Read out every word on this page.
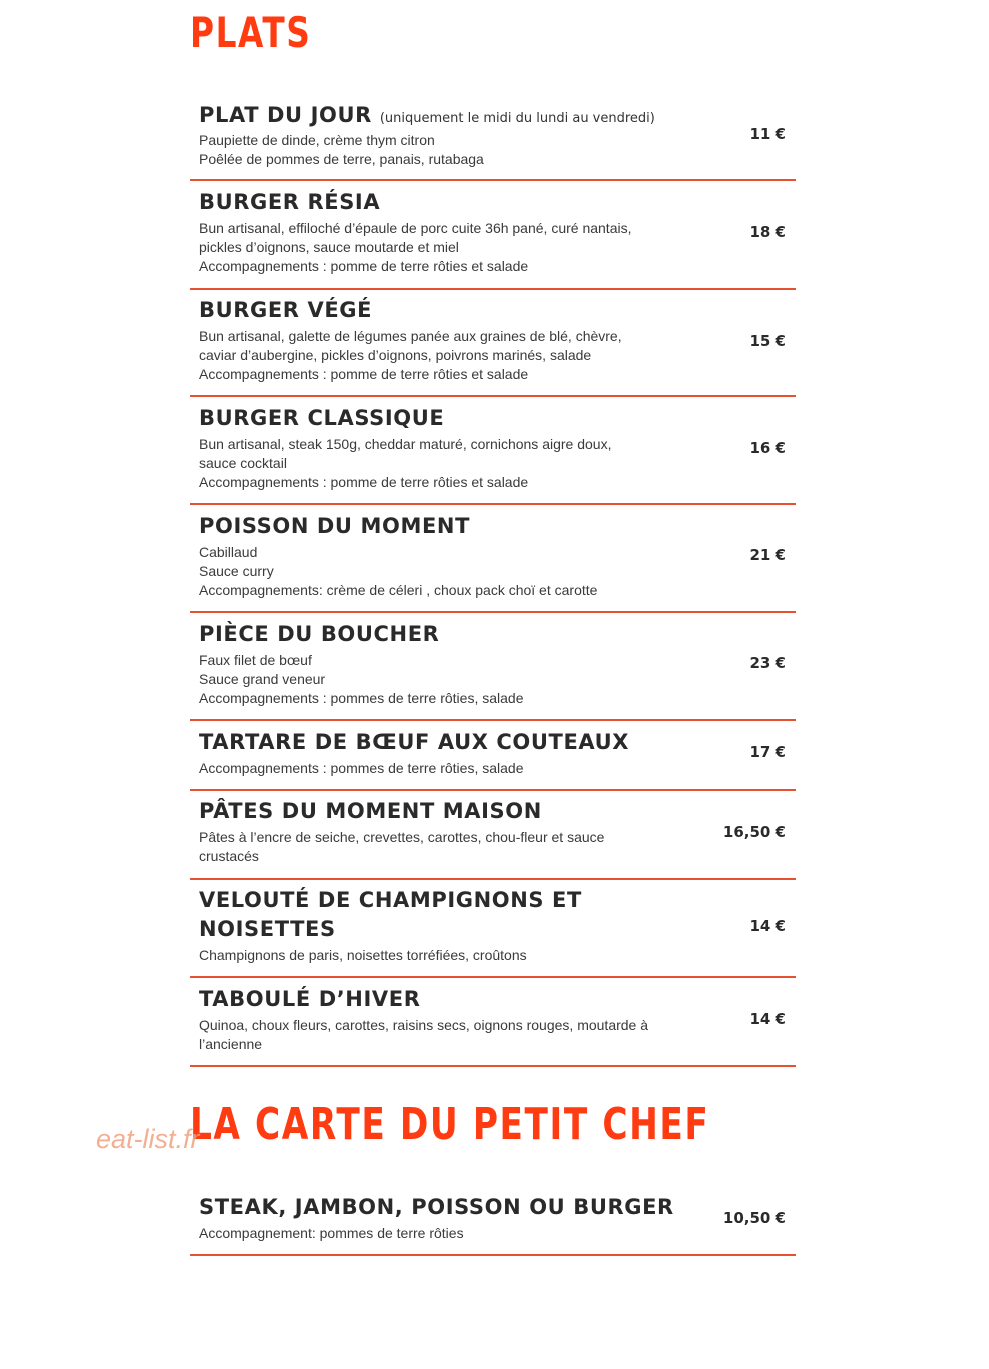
PLATS
PLAT DU JOUR (uniquement le midi du lundi au vendredi)

Paupiette de dinde, crème thym citron

Poêlée de pommes de terre, panais, rutabaga

11 €

BURGER RÉSIA

Bun artisanal, effiloché d’épaule de porc cuite 36h pané, curé nantais,

pickles d’oignons, sauce moutarde et miel

Accompagnements : pomme de terre rôties et salade

18 €

BURGER VÉGÉ

Bun artisanal, galette de légumes panée aux graines de blé, chèvre,

caviar d’aubergine, pickles d’oignons, poivrons marinés, salade

Accompagnements : pomme de terre rôties et salade

15 €

BURGER CLASSIQUE

Bun artisanal, steak 150g, cheddar maturé, cornichons aigre doux,

sauce cocktail

Accompagnements : pomme de terre rôties et salade

16 €

POISSON DU MOMENT

Cabillaud

Sauce curry

Accompagnements: crème de céleri , choux pack choï et carotte

21 €

PIÈCE DU BOUCHER

Faux filet de bœuf

Sauce grand veneur

Accompagnements : pommes de terre rôties, salade

23 €

TARTARE DE BŒUF AUX COUTEAUX

Accompagnements : pommes de terre rôties, salade

17 €

PÂTES DU MOMENT MAISON

Pâtes à l’encre de seiche, crevettes, carottes, chou-fleur et sauce

crustacés

16,50 €

VELOUTÉ DE CHAMPIGNONS ET
NOISETTES

Champignons de paris, noisettes torréfiées, croûtons

14 €

TABOULÉ D’HIVER

Quinoa, choux fleurs, carottes, raisins secs, oignons rouges, moutarde à

l’ancienne

14 €

LA CARTE DU PETIT CHEF
eat-list.fr
STEAK, JAMBON, POISSON OU BURGER

Accompagnement: pommes de terre rôties

10,50 €
